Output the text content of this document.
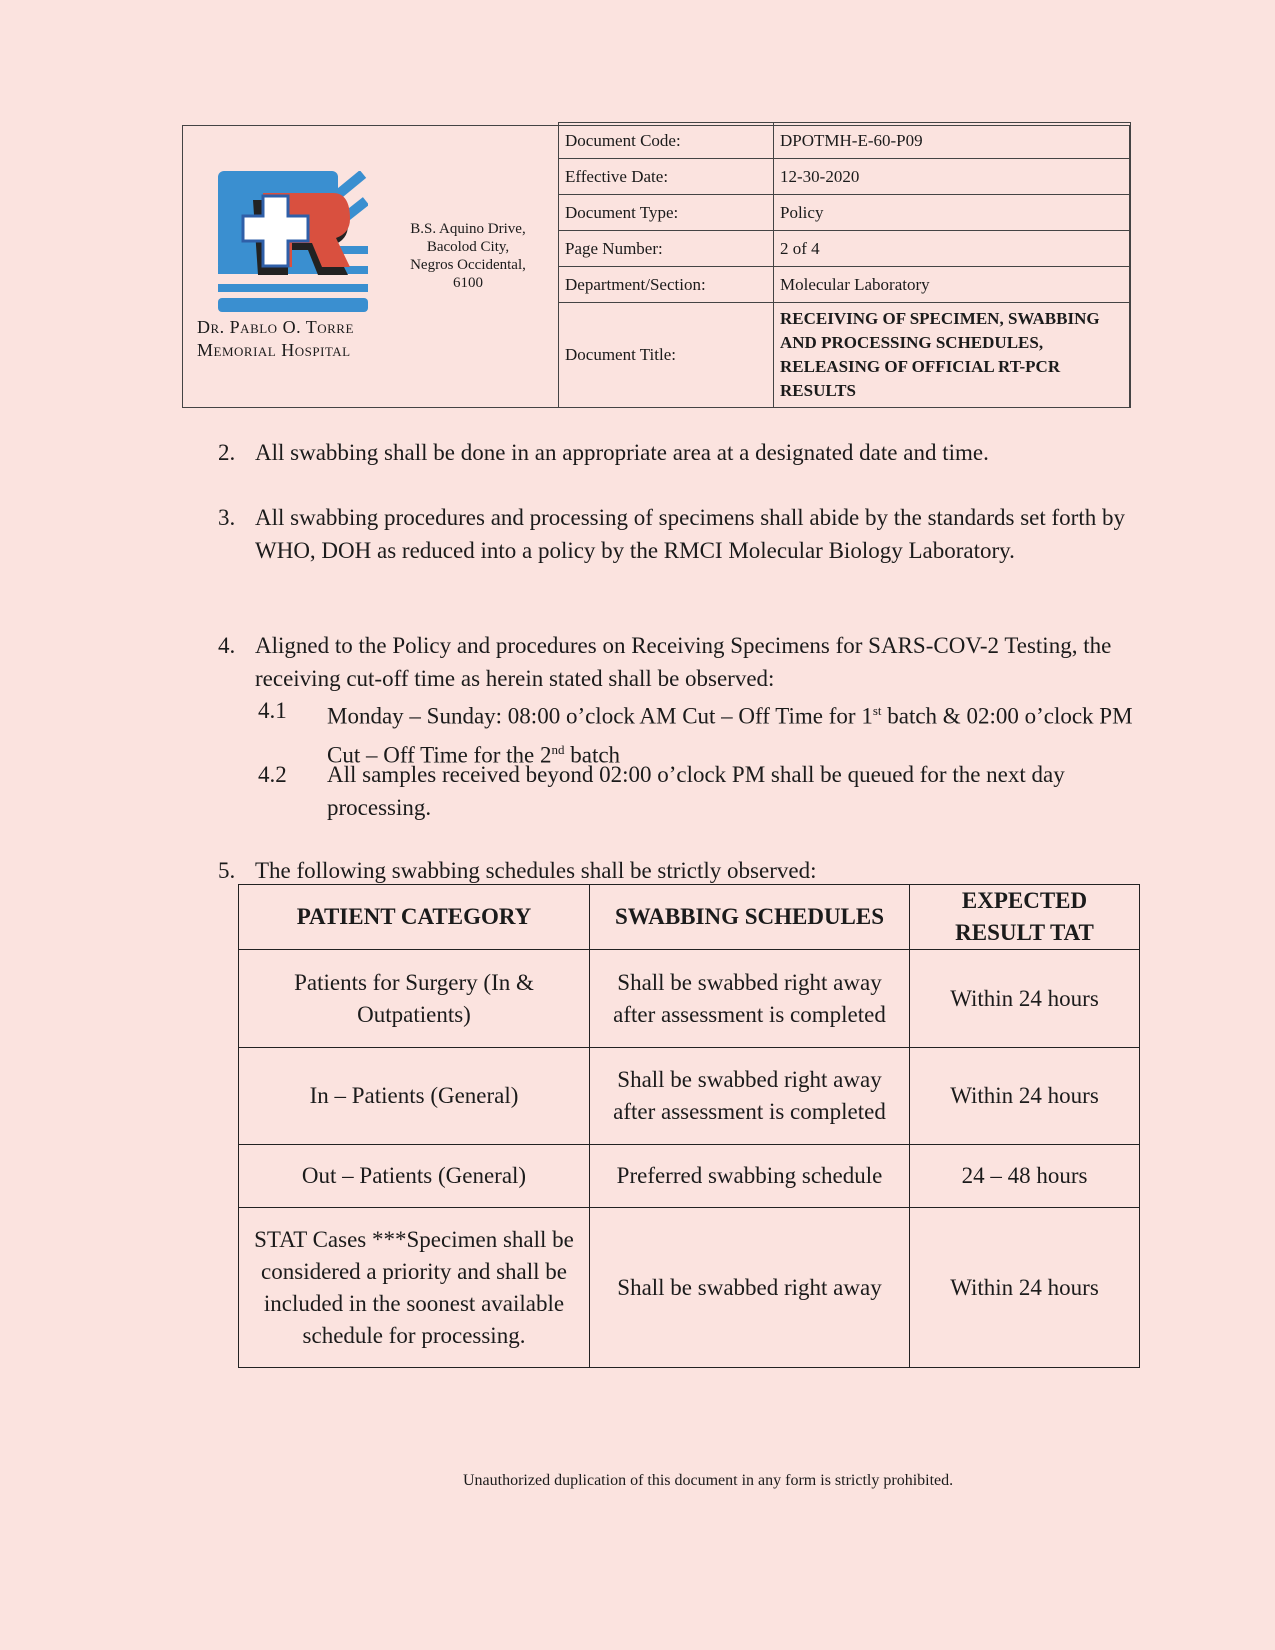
Dr. Pablo O. Torre
Memorial Hospital
B.S. Aquino Drive,
Bacolod City,
Negros Occidental,
6100
Document Code:	DPOTMH-E-60-P09
Effective Date:	12-30-2020
Document Type:	Policy
Page Number:	2 of 4
Department/Section:	Molecular Laboratory
Document Title:	RECEIVING OF SPECIMEN, SWABBING AND PROCESSING SCHEDULES, RELEASING OF OFFICIAL RT-PCR RESULTS
2. All swabbing shall be done in an appropriate area at a designated date and time.
3. All swabbing procedures and processing of specimens shall abide by the standards set forth by WHO, DOH as reduced into a policy by the RMCI Molecular Biology Laboratory.
4. Aligned to the Policy and procedures on Receiving Specimens for SARS-COV-2 Testing, the receiving cut-off time as herein stated shall be observed:
4.1 Monday – Sunday: 08:00 o’clock AM Cut – Off Time for 1st batch & 02:00 o’clock PM Cut – Off Time for the 2nd batch
4.2 All samples received beyond 02:00 o’clock PM shall be queued for the next day processing.
5. The following swabbing schedules shall be strictly observed:
PATIENT CATEGORY	SWABBING SCHEDULES	EXPECTED RESULT TAT
Patients for Surgery (In & Outpatients)	Shall be swabbed right away after assessment is completed	Within 24 hours
In – Patients (General)	Shall be swabbed right away after assessment is completed	Within 24 hours
Out – Patients (General)	Preferred swabbing schedule	24 – 48 hours
STAT Cases ***Specimen shall be considered a priority and shall be included in the soonest available schedule for processing.	Shall be swabbed right away	Within 24 hours
Unauthorized duplication of this document in any form is strictly prohibited.
